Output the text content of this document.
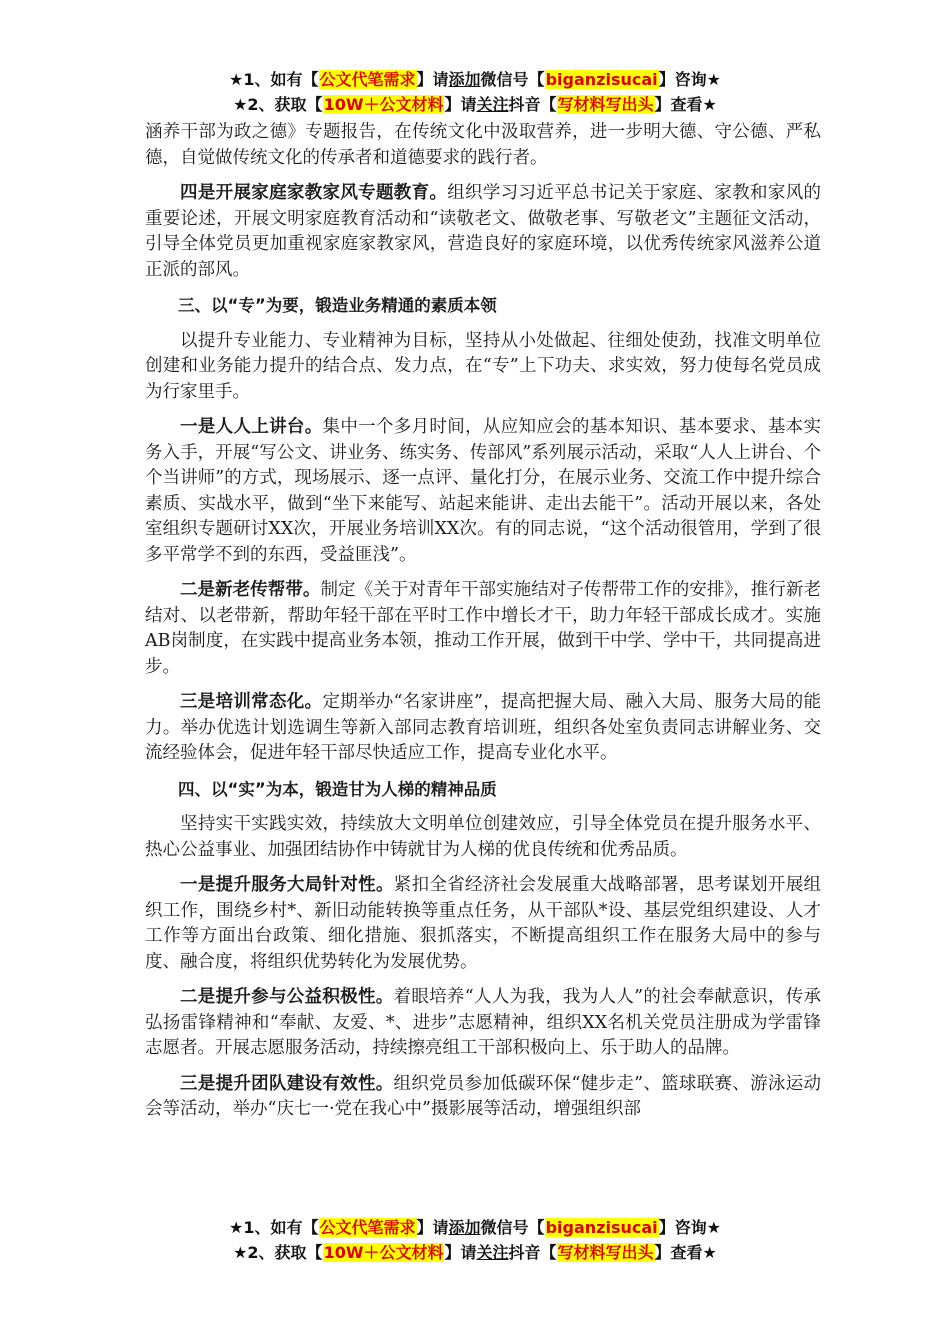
★1、如有【公文代笔需求】请添加微信号【biganzisucai】咨询★
★2、获取【10W＋公文材料】请关注抖音【写材料写出头】查看★

涵养干部为政之德》专题报告，在传统文化中汲取营养，进一步明大德、守公德、严私德，自觉做传统文化的传承者和道德要求的践行者。

四是开展家庭家教家风专题教育。组织学习习近平总书记关于家庭、家教和家风的重要论述，开展文明家庭教育活动和“读敬老文、做敬老事、写敬老文”主题征文活动，引导全体党员更加重视家庭家教家风，营造良好的家庭环境，以优秀传统家风滋养公道正派的部风。

三、以“专”为要，锻造业务精通的素质本领

以提升专业能力、专业精神为目标，坚持从小处做起、往细处使劲，找准文明单位创建和业务能力提升的结合点、发力点，在“专”上下功夫、求实效，努力使每名党员成为行家里手。

一是人人上讲台。集中一个多月时间，从应知应会的基本知识、基本要求、基本实务入手，开展“写公文、讲业务、练实务、传部风”系列展示活动，采取“人人上讲台、个个当讲师”的方式，现场展示、逐一点评、量化打分，在展示业务、交流工作中提升综合素质、实战水平，做到“坐下来能写、站起来能讲、走出去能干”。活动开展以来，各处室组织专题研讨XX次，开展业务培训XX次。有的同志说，“这个活动很管用，学到了很多平常学不到的东西，受益匪浅”。

二是新老传帮带。制定《关于对青年干部实施结对子传帮带工作的安排》，推行新老结对、以老带新，帮助年轻干部在平时工作中增长才干，助力年轻干部成长成才。实施AB岗制度，在实践中提高业务本领，推动工作开展，做到干中学、学中干，共同提高进步。

三是培训常态化。定期举办“名家讲座”，提高把握大局、融入大局、服务大局的能力。举办优选计划选调生等新入部同志教育培训班，组织各处室负责同志讲解业务、交流经验体会，促进年轻干部尽快适应工作，提高专业化水平。

四、以“实”为本，锻造甘为人梯的精神品质

坚持实干实践实效，持续放大文明单位创建效应，引导全体党员在提升服务水平、热心公益事业、加强团结协作中铸就甘为人梯的优良传统和优秀品质。

一是提升服务大局针对性。紧扣全省经济社会发展重大战略部署，思考谋划开展组织工作，围绕乡村*、新旧动能转换等重点任务，从干部队*设、基层党组织建设、人才工作等方面出台政策、细化措施、狠抓落实，不断提高组织工作在服务大局中的参与度、融合度，将组织优势转化为发展优势。

二是提升参与公益积极性。着眼培养“人人为我，我为人人”的社会奉献意识，传承弘扬雷锋精神和“奉献、友爱、*、进步”志愿精神，组织XX名机关党员注册成为学雷锋志愿者。开展志愿服务活动，持续擦亮组工干部积极向上、乐于助人的品牌。

三是提升团队建设有效性。组织党员参加低碳环保“健步走”、篮球联赛、游泳运动会等活动，举办“庆七一·党在我心中”摄影展等活动，增强组织部

★1、如有【公文代笔需求】请添加微信号【biganzisucai】咨询★
★2、获取【10W＋公文材料】请关注抖音【写材料写出头】查看★
